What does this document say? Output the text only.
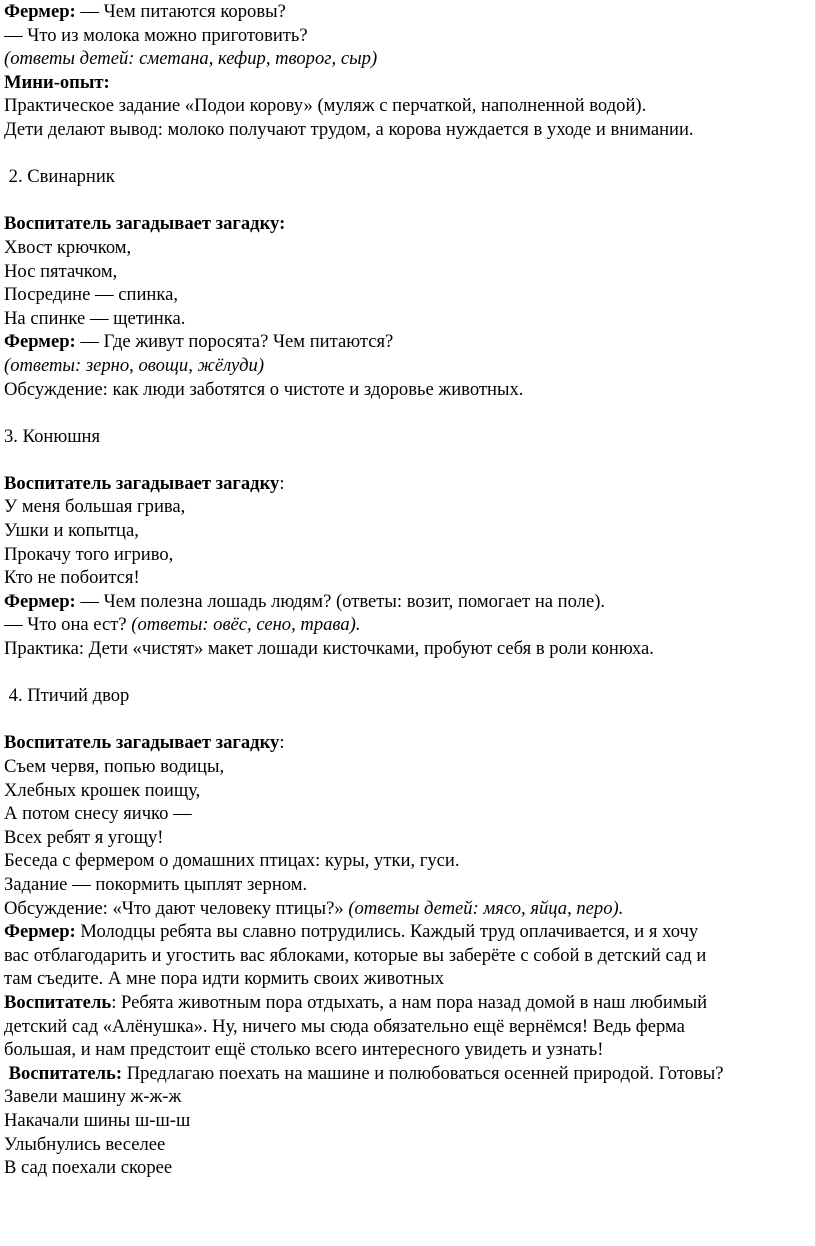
Фермер: — Чем питаются коровы?
— Что из молока можно приготовить?
(ответы детей: сметана, кефир, творог, сыр)
Мини-опыт:
Практическое задание «Подои корову» (муляж с перчаткой, наполненной водой).
Дети делают вывод: молоко получают трудом, а корова нуждается в уходе и внимании.
2. Свинарник
Воспитатель загадывает загадку:
Хвост крючком,
Нос пятачком,
Посредине — спинка,
На спинке — щетинка.
Фермер: — Где живут поросята? Чем питаются?
(ответы: зерно, овощи, жёлуди)
Обсуждение: как люди заботятся о чистоте и здоровье животных.
3. Конюшня
Воспитатель загадывает загадку:
У меня большая грива,
Ушки и копытца,
Прокачу того игриво,
Кто не побоится!
Фермер: — Чем полезна лошадь людям? (ответы: возит, помогает на поле).
— Что она ест? (ответы: овёс, сено, трава).
Практика: Дети «чистят» макет лошади кисточками, пробуют себя в роли конюха.
4. Птичий двор
Воспитатель загадывает загадку:
Съем червя, попью водицы,
Хлебных крошек поищу,
А потом снесу яичко —
Всех ребят я угощу!
Беседа с фермером о домашних птицах: куры, утки, гуси.
Задание — покормить цыплят зерном.
Обсуждение: «Что дают человеку птицы?» (ответы детей: мясо, яйца, перо).
Фермер: Молодцы ребята вы славно потрудились. Каждый труд оплачивается, и я хочу
вас отблагодарить и угостить вас яблоками, которые вы заберёте с собой в детский сад и
там съедите. А мне пора идти кормить своих животных
Воспитатель: Ребята животным пора отдыхать, а нам пора назад домой в наш любимый
детский сад «Алёнушка». Ну, ничего мы сюда обязательно ещё вернёмся! Ведь ферма
большая, и нам предстоит ещё столько всего интересного увидеть и узнать!
Воспитатель: Предлагаю поехать на машине и полюбоваться осенней природой. Готовы?
Завели машину ж-ж-ж
Накачали шины ш-ш-ш
Улыбнулись веселее
В сад поехали скорее
